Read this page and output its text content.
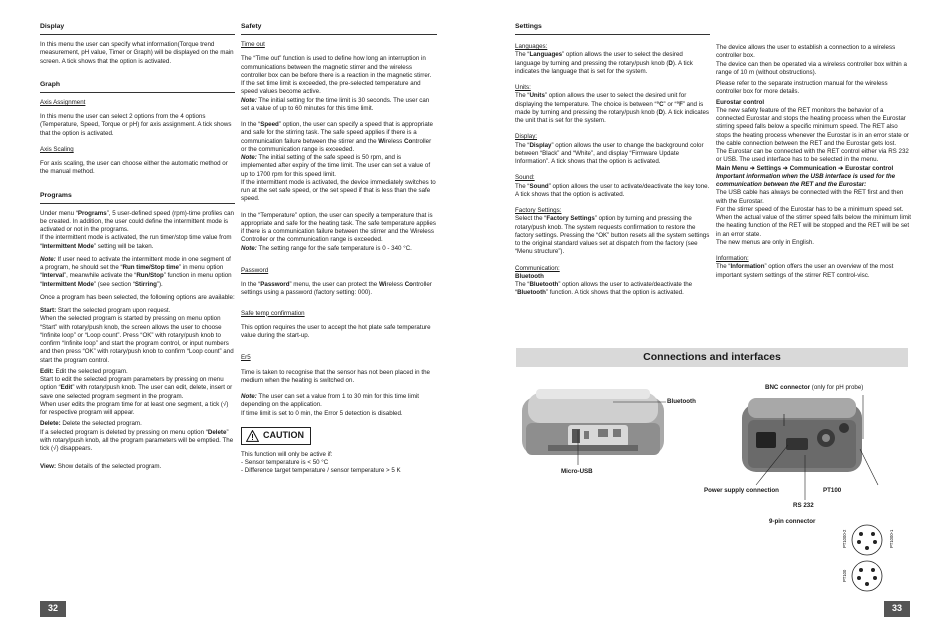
Display

In this menu the user can specify what information(Torque trend measurement, pH value, Timer or Graph) will be displayed on the main screen. A tick shows that the option is activated.

Graph
Axis Assignment

In this menu the user can select 2 options from the 4 options (Temperature, Speed, Torque or pH) for axis assignment. A tick shows that the option is activated.

Axis Scaling

For axis scaling, the user can choose either the automatic method or the manual method.

Programs

Under menu “Programs”, 5 user-defined speed (rpm)-time profiles can be created. In addition, the user could define the intermittent mode is activated or not in the programs.
If the intermittent mode is activated, the run timer/stop time value from “Intermittent Mode” setting will be taken.

Note: If user need to activate the intermittent mode in one segment of a program, he should set the “Run time/Stop time” in menu option “Interval”, meanwhile activate the “Run/Stop” function in menu option “Intermittent Mode” (see section “Stirring”).

Once a program has been selected, the following options are available:

Start: Start the selected program upon request.
When the selected program is started by pressing on menu option “Start” with rotary/push knob, the screen allows the user to choose “Infinite loop” or “Loop count”. Press “OK” with rotary/push knob to confirm “Infinite loop” and start the program control, or input numbers and then press “OK” with rotary/push knob to confirm “Loop count” and start the program control.

Edit: Edit the selected program.
Start to edit the selected program parameters by pressing on menu option “Edit” with rotary/push knob. The user can edit, delete, insert or save one selected program segment in the program.
When user edits the program time for at least one segment, a tick (√) for respective program will appear.

Delete: Delete the selected program.
If a selected program is deleted by pressing on menu option “Delete” with rotary/push knob, all the program parameters will be emptied. The tick (√) disappears.

View: Show details of the selected program.

Safety
Time out

The “Time out” function is used to define how long an interruption in communications between the magnetic stirrer and the wireless controller box can be before there is a reaction in the magnetic stirrer.
If the set time limit is exceeded, the pre-selected temperature and speed values become active.
Note: The initial setting for the time limit is 30 seconds. The user can set a value of up to 60 minutes for this time limit.

In the “Speed” option, the user can specify a speed that is appropriate and safe for the stirring task. The safe speed applies if there is a communication failure between the stirrer and the Wireless Controller or the communication range is exceeded.
Note: The initial setting of the safe speed is 50 rpm, and is implemented after expiry of the time limit. The user can set a value of up to 1700 rpm for this speed limit.
If the intermittent mode is activated, the device immediately switches to run at the set safe speed, or the set speed if that is less than the safe speed.

In the “Temperature” option, the user can specify a temperature that is appropriate and safe for the heating task. The safe temperature applies if there is a communication failure between the stirrer and the Wireless Controller or the communication range is exceeded.
Note: The setting range for the safe temperature is 0 - 340 °C.

Password

In the “Password” menu, the user can protect the Wireless Controller settings using a password (factory setting: 000).

Safe temp confirmation

This option requires the user to accept the hot plate safe temperature value during the start-up.

Er5

Time is taken to recognise that the sensor has not been placed in the medium when the heating is switched on.

Note: The user can set a value from 1 to 30 min for this time limit depending on the application.
If time limit is set to 0 min, the Error 5 detection is disabled.

CAUTION

This function will only be active if:
- Sensor temperature is < 50 °C
- Difference target temperature / sensor temperature > 5 K

32
Settings
Languages:

The “Languages” option allows the user to select the desired language by turning and pressing the rotary/push knob (D). A tick indicates the language that is set for the system.

Units:

The “Units” option allows the user to select the desired unit for displaying the temperature. The choice is between “°C” or “°F” and is made by turning and pressing the rotary/push knob (D). A tick indicates the unit that is set for the system.

Display:

The “Display” option allows the user to change the background color between “Black” and “White”, and display “Firmware Update Information”. A tick shows that the option is activated.

Sound:

The “Sound” option allows the user to activate/deactivate the key tone. A tick shows that the option is activated.

Factory Settings:

Select the “Factory Settings” option by turning and pressing the rotary/push knob. The system requests confirmation to restore the factory settings. Pressing the “OK” button resets all the system settings to the original standard values set at dispatch from the factory (see “Menu structure”).

Communication:
Bluetooth

The “Bluetooth” option allows the user to activate/deactivate the “Bluetooth” function. A tick shows that the option is activated.

The device allows the user to establish a connection to a wireless controller box.
The device can then be operated via a wireless controller box within a range of 10 m (without obstructions).

Please refer to the separate instruction manual for the wireless controller box for more details.

Eurostar control

The new safety feature of the RET monitors the behavior of a connected Eurostar and stops the heating process when the Eurostar stirring speed falls below a specific minimum speed. The RET also stops the heating process whenever the Eurostar is in an error state or the cable connection between the RET and the Eurostar gets lost.
The Eurostar can be connected with the RET control either via RS 232 or USB. The used interface has to be selected in the menu.

Main Menu ➔ Settings ➔ Communication ➔ Eurostar control

Important information when the USB interface is used for the communication between the RET and the Eurostar:
The USB cable has always be connected with the RET first and then with the Eurostar.
For the stirrer speed of the Eurostar has to be a minimum speed set. When the actual value of the stirrer speed falls below the minimum limit the heating function of the RET will be stopped and the RET will be set in an error state.
The new menus are only in English.

Information:

The “Information” option offers the user an overview of the most important system settings of the stirrer RET control-visc.

33
Connections and interfaces
Bluetooth
Micro-USB
BNC connector (only for pH probe)
Power supply connection	PT100
RS 232
9-pin connector
PT1000-2	PT1000-1
PT100
